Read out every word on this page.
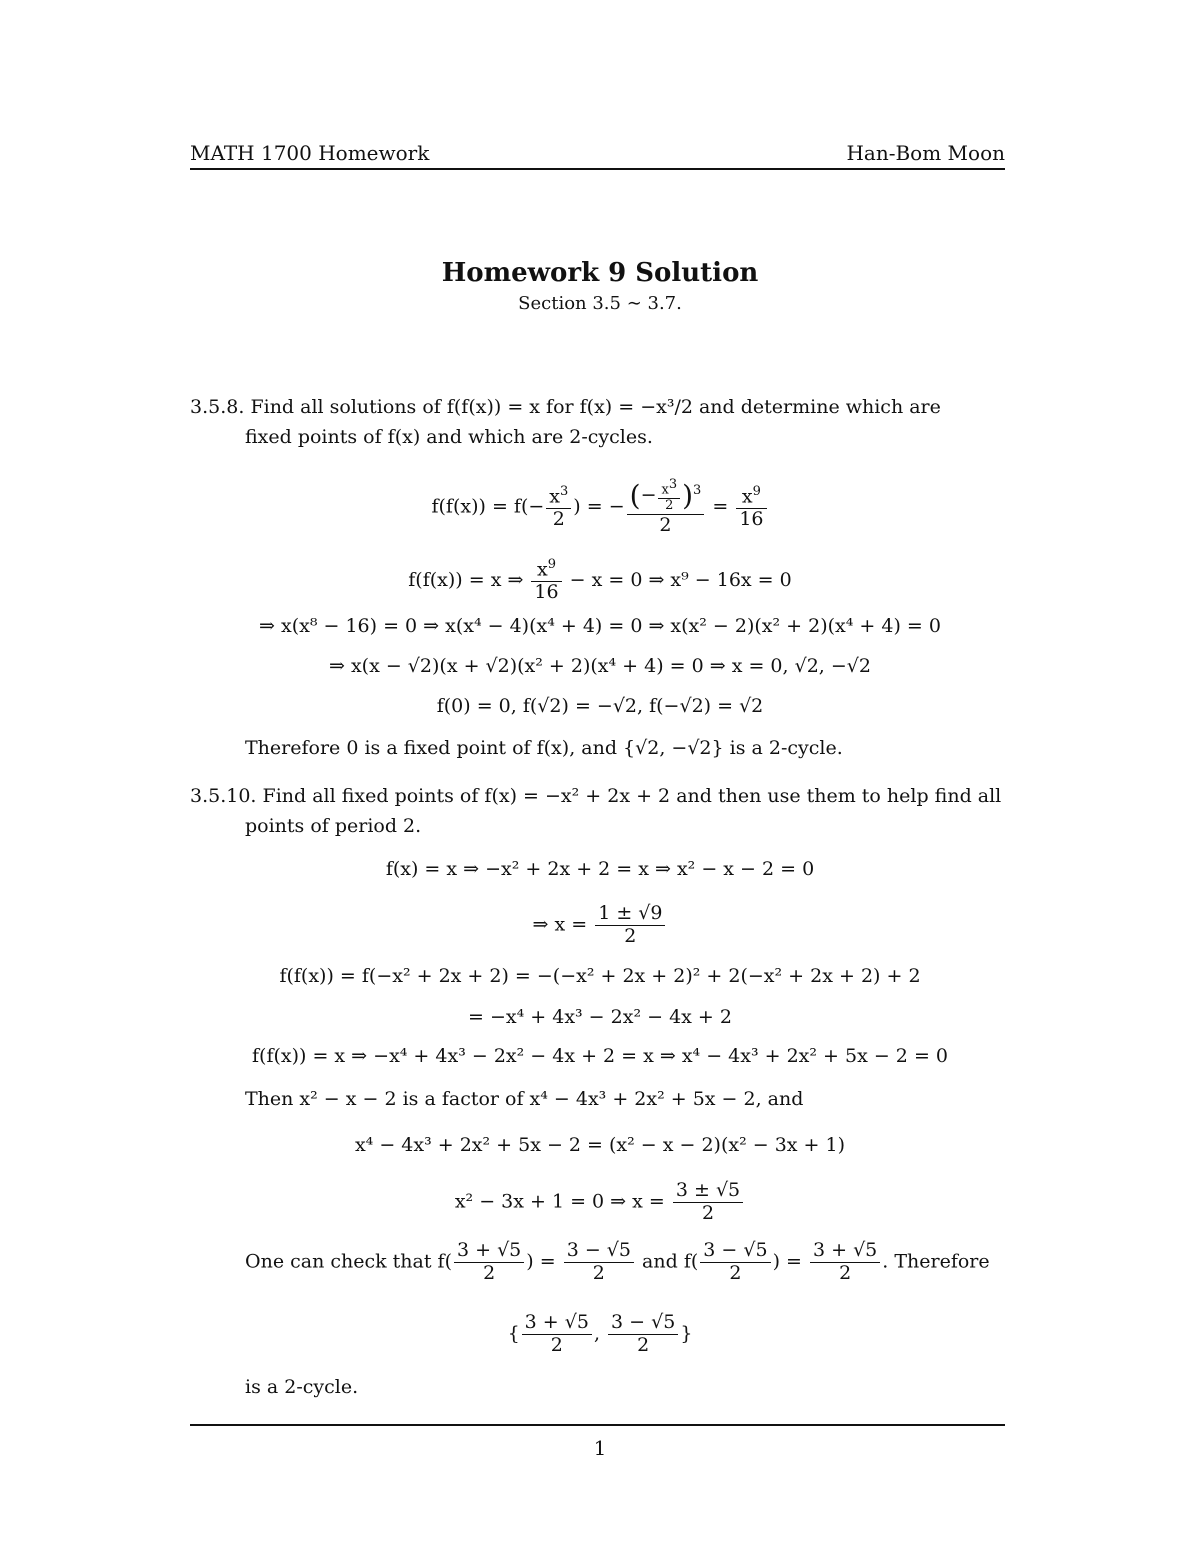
MATH 1700 Homework	Han-Bom Moon
Homework 9 Solution
Section 3.5 ∼ 3.7.
3.5.8. Find all solutions of f(f(x)) = x for f(x) = −x³/2 and determine which are
fixed points of f(x) and which are 2-cycles.
$f(f(x)) = f(- \frac{x^3}{2}$ ) = − $\frac{(- \frac{x^3}{2} )^3}{2} = \frac{x^9}{16}$
f(f(x)) = x ⇒ $\frac{x^9}{16} - x = 0$ ⇒ x⁹ − 16x = 0
⇒ x(x⁸ − 16) = 0 ⇒ x(x⁴ − 4)(x⁴ + 4) = 0 ⇒ x(x² − 2)(x² + 2)(x⁴ + 4) = 0
⇒ x(x − √2)(x + √2)(x² + 2)(x⁴ + 4) = 0 ⇒ x = 0, √2, −√2
f(0) = 0, f(√2) = −√2, f(−√2) = √2
Therefore 0 is a fixed point of f(x), and {√2, −√2} is a 2-cycle.
3.5.10. Find all fixed points of f(x) = −x² + 2x + 2 and then use them to help find all
points of period 2.
f(x) = x ⇒ −x² + 2x + 2 = x ⇒ x² − x − 2 = 0
⇒ $x = \frac{1 \pm √9}{2}$
f(f(x)) = f(−x² + 2x + 2) = −(−x² + 2x + 2)² + 2(−x² + 2x + 2) + 2
= −x⁴ + 4x³ − 2x² − 4x + 2
f(f(x)) = x ⇒ −x⁴ + 4x³ − 2x² − 4x + 2 = x ⇒ x⁴ − 4x³ + 2x² + 5x − 2 = 0
Then x² − x − 2 is a factor of x⁴ − 4x³ + 2x² + 5x − 2, and
x⁴ − 4x³ + 2x² + 5x − 2 = (x² − x − 2)(x² − 3x + 1)
x² − 3x + 1 = 0 ⇒ $x = \frac{3 \pm √5}{2}$
One can check that $f( \frac{3 + √5}{2}$ ) = $\frac{3 - √5}{2}$ and $f( \frac{3 - √5}{2}$ ) = $\frac{3 + √5}{2}$ . Therefore
{ $\frac{3 + √5}{2}$ , $\frac{3 - √5}{2}$ }
is a 2-cycle.
1
